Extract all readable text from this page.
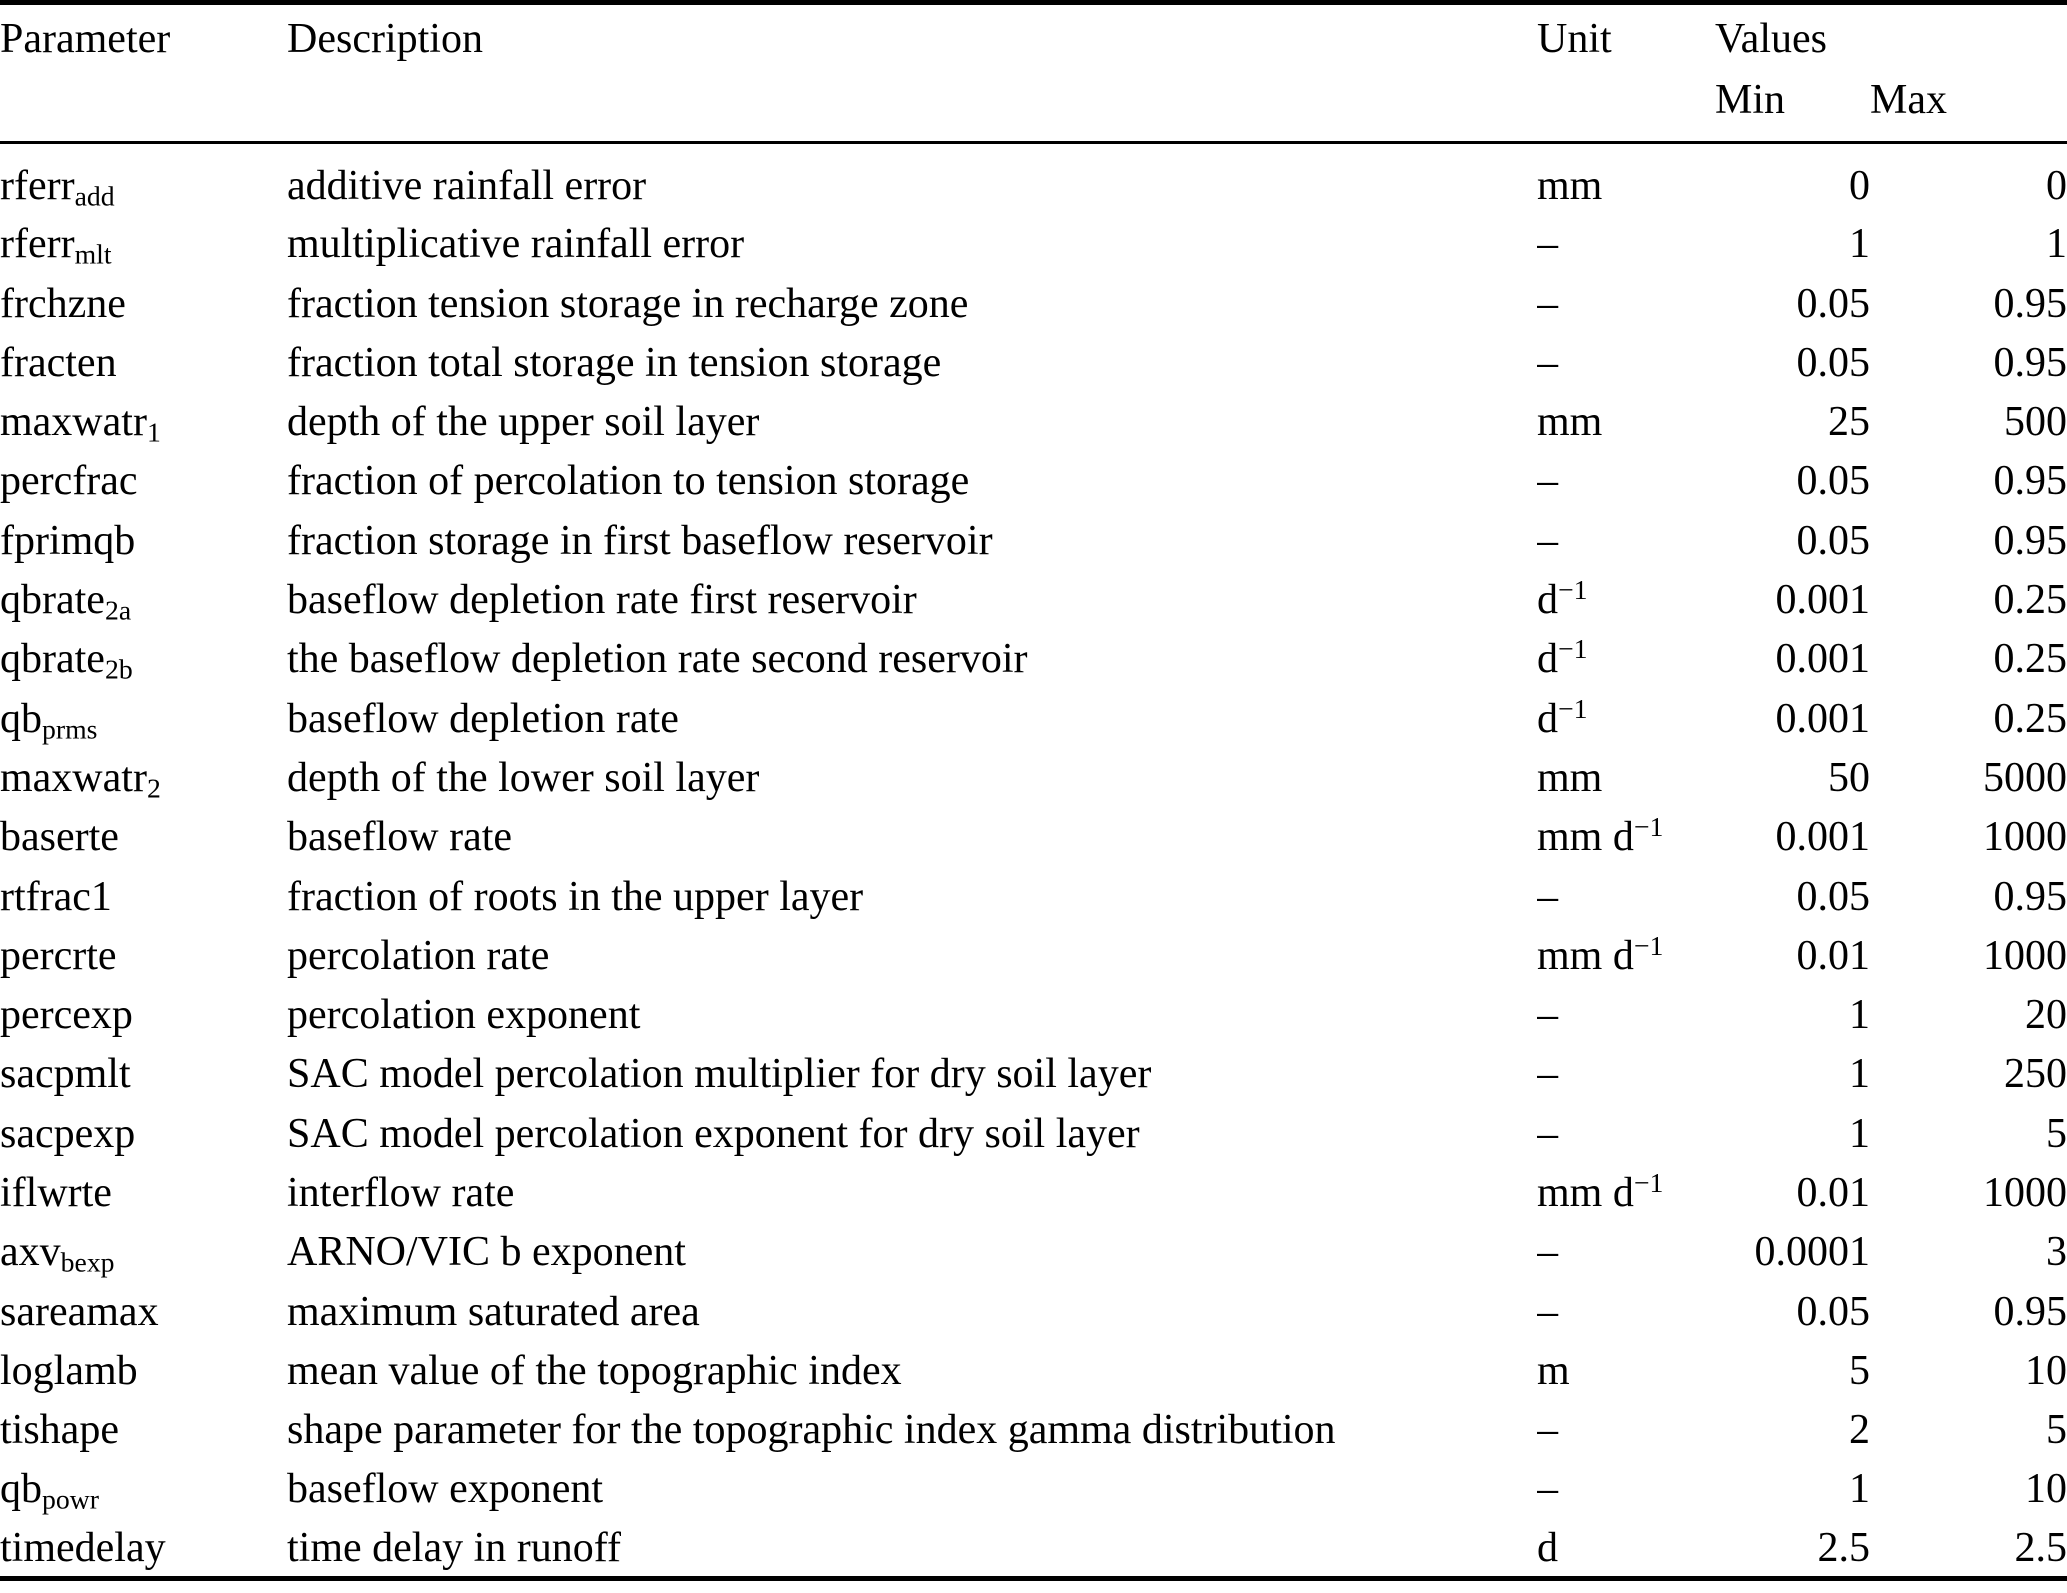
Parameter	Description	Unit	Values	
			Min	Max
rferr$_{add}$	additive rainfall error	mm	0	0
rferr$_{mlt}$	multiplicative rainfall error	–	1	1
frchzne	fraction tension storage in recharge zone	–	0.05	0.95
fracten	fraction total storage in tension storage	–	0.05	0.95
maxwatr$_1$	depth of the upper soil layer	mm	25	500
percfrac	fraction of percolation to tension storage	–	0.05	0.95
fprimqb	fraction storage in first baseflow reservoir	–	0.05	0.95
qbrate$_{2a}$	baseflow depletion rate first reservoir	$d^{-1}$	0.001	0.25
qbrate$_{2b}$	the baseflow depletion rate second reservoir	$d^{-1}$	0.001	0.25
$qb_{prms}$	baseflow depletion rate	$d^{-1}$	0.001	0.25
maxwatr$_2$	depth of the lower soil layer	mm	50	5000
baserte	baseflow rate	mm $d^{-1}$	0.001	1000
rtfrac1	fraction of roots in the upper layer	–	0.05	0.95
percrte	percolation rate	mm $d^{-1}$	0.01	1000
percexp	percolation exponent	–	1	20
sacpmlt	SAC model percolation multiplier for dry soil layer	–	1	250
sacpexp	SAC model percolation exponent for dry soil layer	–	1	5
iflwrte	interflow rate	mm $d^{-1}$	0.01	1000
axv$_{bexp}$	ARNO/VIC b exponent	–	0.0001	3
sareamax	maximum saturated area	–	0.05	0.95
loglamb	mean value of the topographic index	m	5	10
tishape	shape parameter for the topographic index gamma distribution	–	2	5
$qb_{powr}$	baseflow exponent	–	1	10
timedelay	time delay in runoff	d	2.5	2.5
